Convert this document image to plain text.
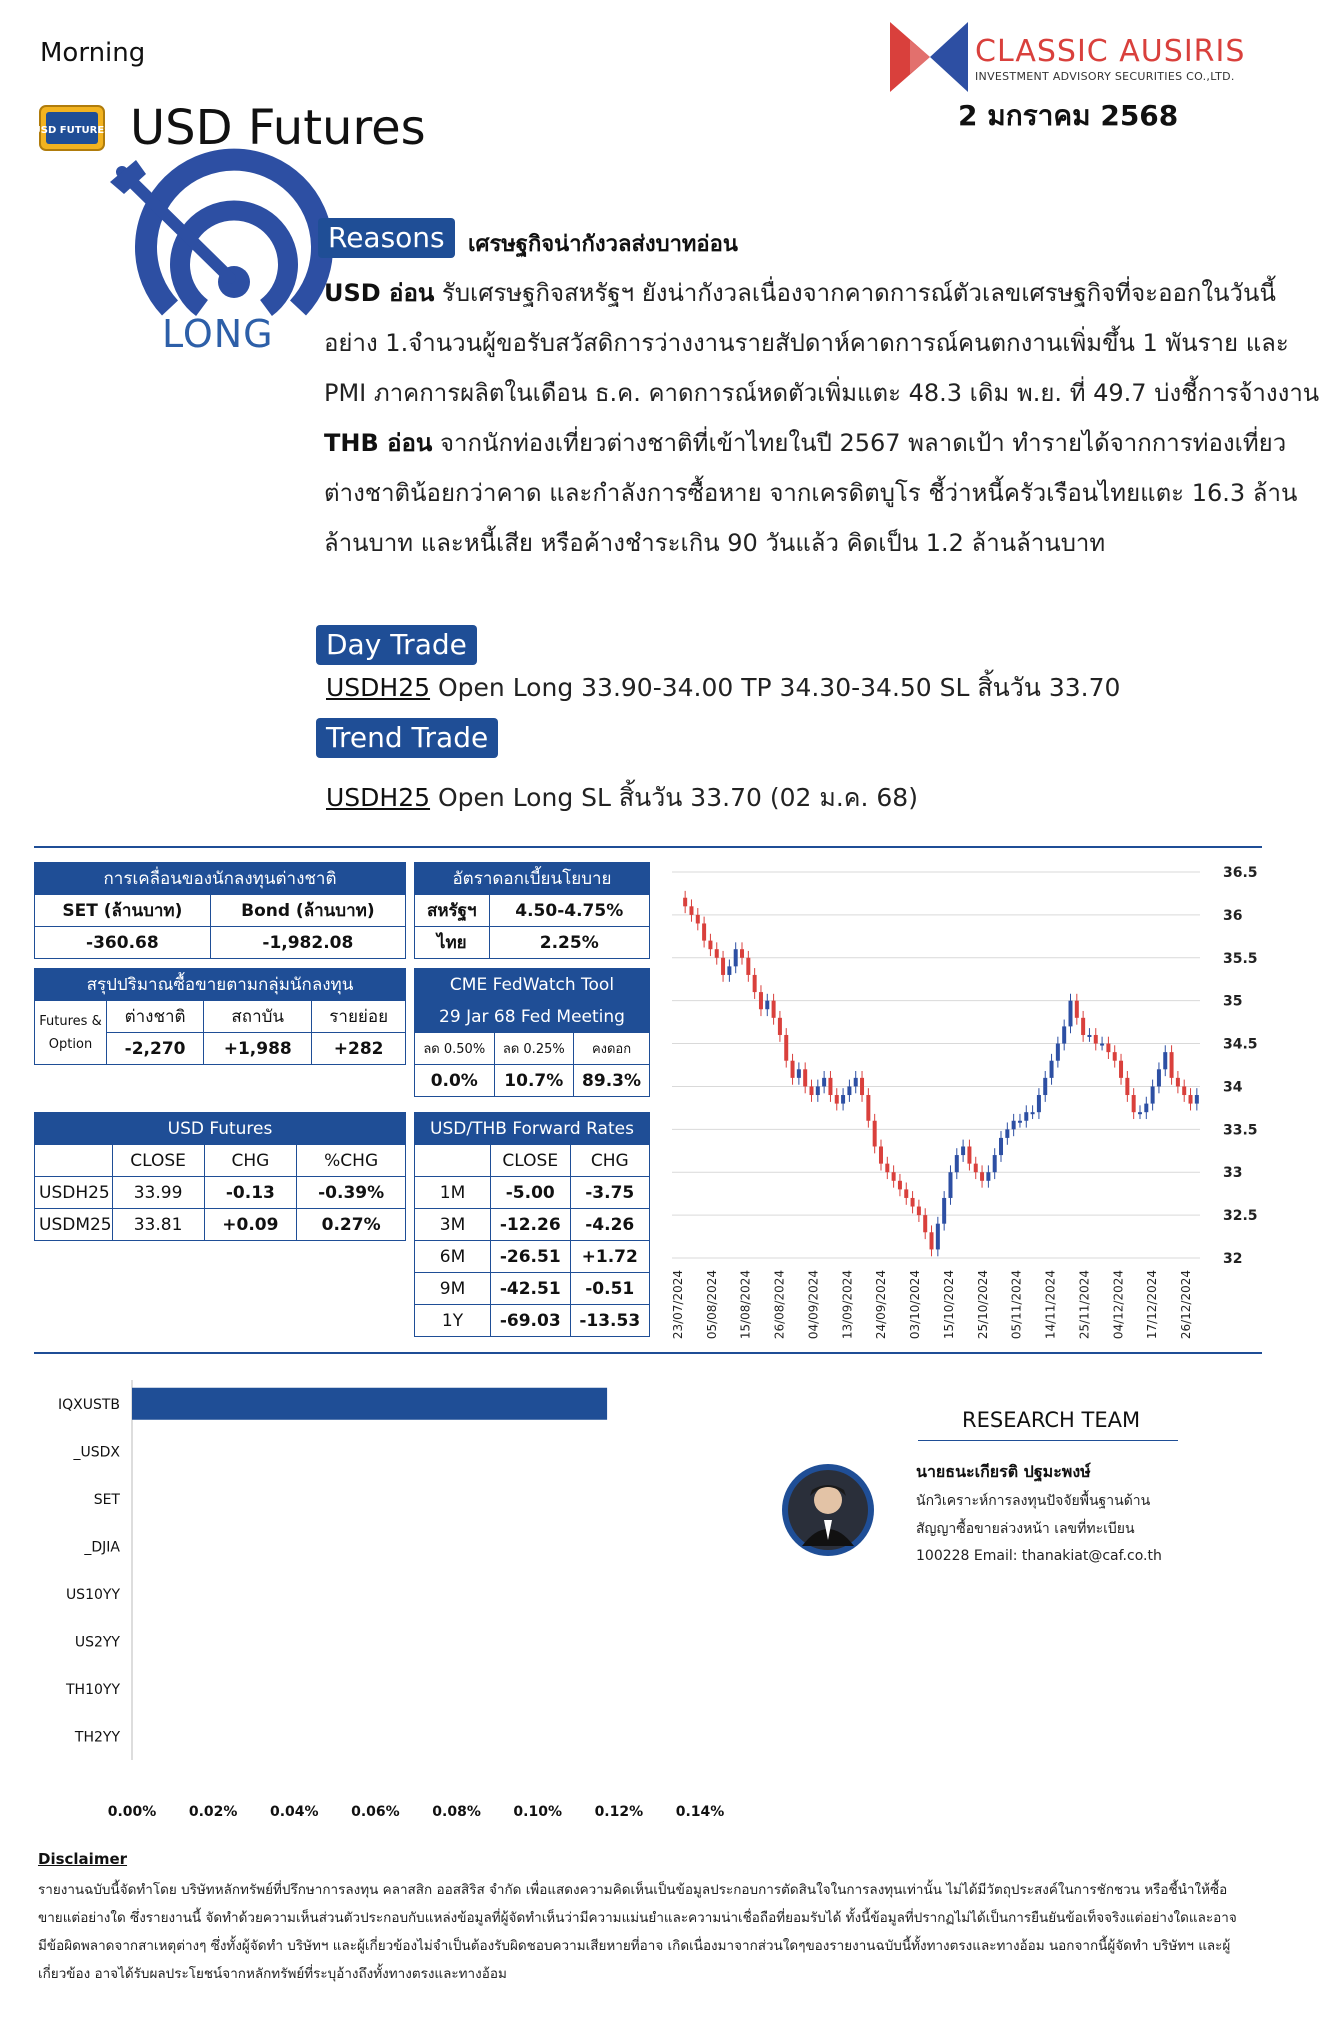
Morning	CLASSIC AUSIRIS
INVESTMENT ADVISORY SECURITIES CO.,LTD.
2 มกราคม 2568
USD FUTURES USD Futures
LONG
Reasons	เศรษฐกิจน่ากังวลส่งบาทอ่อน
USD อ่อน รับเศรษฐกิจสหรัฐฯ ยังน่ากังวลเนื่องจากคาดการณ์ตัวเลขเศรษฐกิจที่จะออกในวันนี้
อย่าง 1.จำนวนผู้ขอรับสวัสดิการว่างงานรายสัปดาห์คาดการณ์คนตกงานเพิ่มขึ้น 1 พันราย และ
PMI ภาคการผลิตในเดือน ธ.ค. คาดการณ์หดตัวเพิ่มแตะ 48.3 เดิม พ.ย. ที่ 49.7 บ่งชี้การจ้างงาน
THB อ่อน จากนักท่องเที่ยวต่างชาติที่เข้าไทยในปี 2567 พลาดเป้า ทำรายได้จากการท่องเที่ยว
ต่างชาติน้อยกว่าคาด และกำลังการซื้อหาย จากเครดิตบูโร ชี้ว่าหนี้ครัวเรือนไทยแตะ 16.3 ล้าน
ล้านบาท และหนี้เสีย หรือค้างชำระเกิน 90 วันแล้ว คิดเป็น 1.2 ล้านล้านบาท
Day Trade
USDH25 Open Long 33.90-34.00 TP 34.30-34.50 SL สิ้นวัน 33.70
Trend Trade
USDH25 Open Long SL สิ้นวัน 33.70 (02 ม.ค. 68)
การเคลื่อนของนักลงทุนต่างชาติ	
SET (ล้านบาท)	Bond (ล้านบาท)
-360.68	-1,982.08
อัตราดอกเบี้ยนโยบาย	
สหรัฐฯ	4.50-4.75%
ไทย	2.25%
สรุปปริมาณซื้อขายตามกลุ่มนักลงทุน			

Futures &
Option	ต่างชาติ	สถาบัน	รายย่อย
	-2,270	+1,988	+282
CME FedWatch Tool		
29 Jar 68 Fed Meeting		
ลด 0.50%	ลด 0.25%	คงดอก
0.0%	10.7%	89.3%
USD Futures			
	CLOSE	CHG	%CHG
USDH25	33.99	-0.13	-0.39%
USDM25	33.81	+0.09	0.27%
USD/THB Forward Rates		
	CLOSE	CHG
1M	-5.00	-3.75
3M	-12.26	-4.26
6M	-26.51	+1.72
9M	-42.51	-0.51
1Y	-69.03	-13.53
36.5
36
35.5
35
34.5
34
33.5
33
32.5
32
23/07/2024 05/08/2024 15/08/2024 26/08/2024 04/09/2024 13/09/2024 24/09/2024 03/10/2024 15/10/2024 25/10/2024 05/11/2024 14/11/2024 25/11/2024 04/12/2024 17/12/2024 26/12/2024
IQXUSTB
_USDX
SET
_DJIA
US10YY
US2YY
TH10YY
TH2YY
0.00% 0.02% 0.04% 0.06% 0.08% 0.10% 0.12% 0.14%
RESEARCH TEAM
นายธนะเกียรติ ปฐมะพงษ์
นักวิเคราะห์การลงทุนปัจจัยพื้นฐานด้าน
สัญญาซื้อขายล่วงหน้า เลขที่ทะเบียน
100228 Email: thanakiat@caf.co.th
Disclaimer
รายงานฉบับนี้จัดทำโดย บริษัทหลักทรัพย์ที่ปรึกษาการลงทุน คลาสสิก ออสสิริส จำกัด เพื่อแสดงความคิดเห็นเป็นข้อมูลประกอบการตัดสินใจในการลงทุนเท่านั้น ไม่ได้มีวัตถุประสงค์ในการชักชวน หรือชี้นำให้ซื้อขายแต่อย่างใด ซึ่งรายงานนี้ จัดทำด้วยความเห็นส่วนตัวประกอบกับแหล่งข้อมูลที่ผู้จัดทำเห็นว่ามีความแม่นยำและความน่าเชื่อถือที่ยอมรับได้ ทั้งนี้ข้อมูลที่ปรากฏไม่ได้เป็นการยืนยันข้อเท็จจริงแต่อย่างใดและอาจมีข้อผิดพลาดจากสาเหตุต่างๆ ซึ่งทั้งผู้จัดทำ บริษัทฯ และผู้เกี่ยวข้องไม่จำเป็นต้องรับผิดชอบความเสียหายที่อาจ เกิดเนื่องมาจากส่วนใดๆของรายงานฉบับนี้ทั้งทางตรงและทางอ้อม นอกจากนี้ผู้จัดทำ บริษัทฯ และผู้เกี่ยวข้อง อาจได้รับผลประโยชน์จากหลักทรัพย์ที่ระบุอ้างถึงทั้งทางตรงและทางอ้อม
